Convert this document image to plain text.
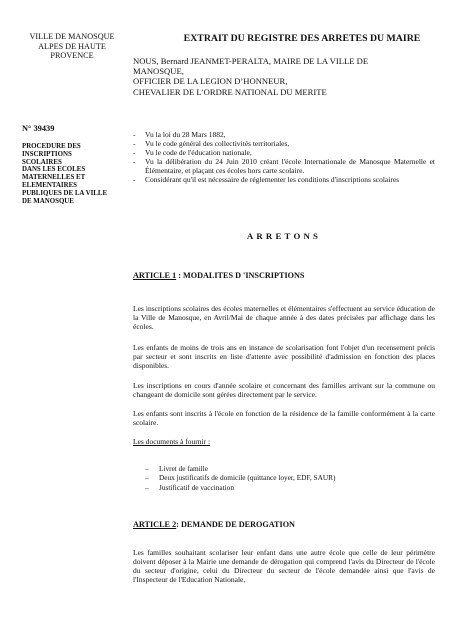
VILLE DE MANOSQUE
ALPES DE HAUTE
PROVENCE
EXTRAIT DU REGISTRE DES ARRETES DU MAIRE
NOUS, Bernard JEANMET-PERALTA, MAIRE DE LA VILLE DE
MANOSQUE,
OFFICIER DE LA LEGION D’HONNEUR,
CHEVALIER DE L’ORDRE NATIONAL DU MERITE
N° 39439
PROCEDURE DES
INSCRIPTIONS
SCOLAIRES
DANS LES ECOLES
MATERNELLES ET
ELEMENTAIRES
PUBLIQUES DE LA VILLE
DE MANOSQUE
-	Vu la loi du 28 Mars 1882,
-	Vu le code général des collectivités territoriales,
-	Vu le code de l'éducation nationale,
-	Vu la délibération du 24 Juin 2010 créant l'école Internationale de Manosque Maternelle et Élémentaire, et plaçant ces écoles hors carte scolaire.
-	Considérant qu'il est nécessaire de réglementer les conditions d'inscriptions scolaires
ARRETONS
ARTICLE 1 : MODALITES D 'INSCRIPTIONS
Les inscriptions scolaires des écoles maternelles et élémentaires s'effectuent au service éducation de la Ville de Manosque, en Avril/Mai de chaque année à des dates précisées par affichage dans les écoles.
Les enfants de moins de trois ans en instance de scolarisation font l'objet d'un recensement précis par secteur et sont inscrits en liste d'attente avec possibilité d'admission en fonction des places disponibles.
Les inscriptions en cours d'année scolaire et concernant des familles arrivant sur la commune ou changeant de domicile sont gérées directement par le service.
Les enfants sont inscrits à l'école en fonction de la résidence de la famille conformément à la carte scolaire.
Les documents à fournir :
–	Livret de famille
–	Deux justificatifs de domicile (quittance loyer, EDF, SAUR)
–	Justificatif de vaccination
ARTICLE 2: DEMANDE DE DEROGATION
Les familles souhaitant scolariser leur enfant dans une autre école que celle de leur périmètre doivent déposer à la Mairie une demande de dérogation qui comprend l'avis du Directeur de l'école du secteur d'origine, celui du Directeur du secteur de l'école demandée ainsi que l'avis de l'Inspecteur de l'Education Nationale,
